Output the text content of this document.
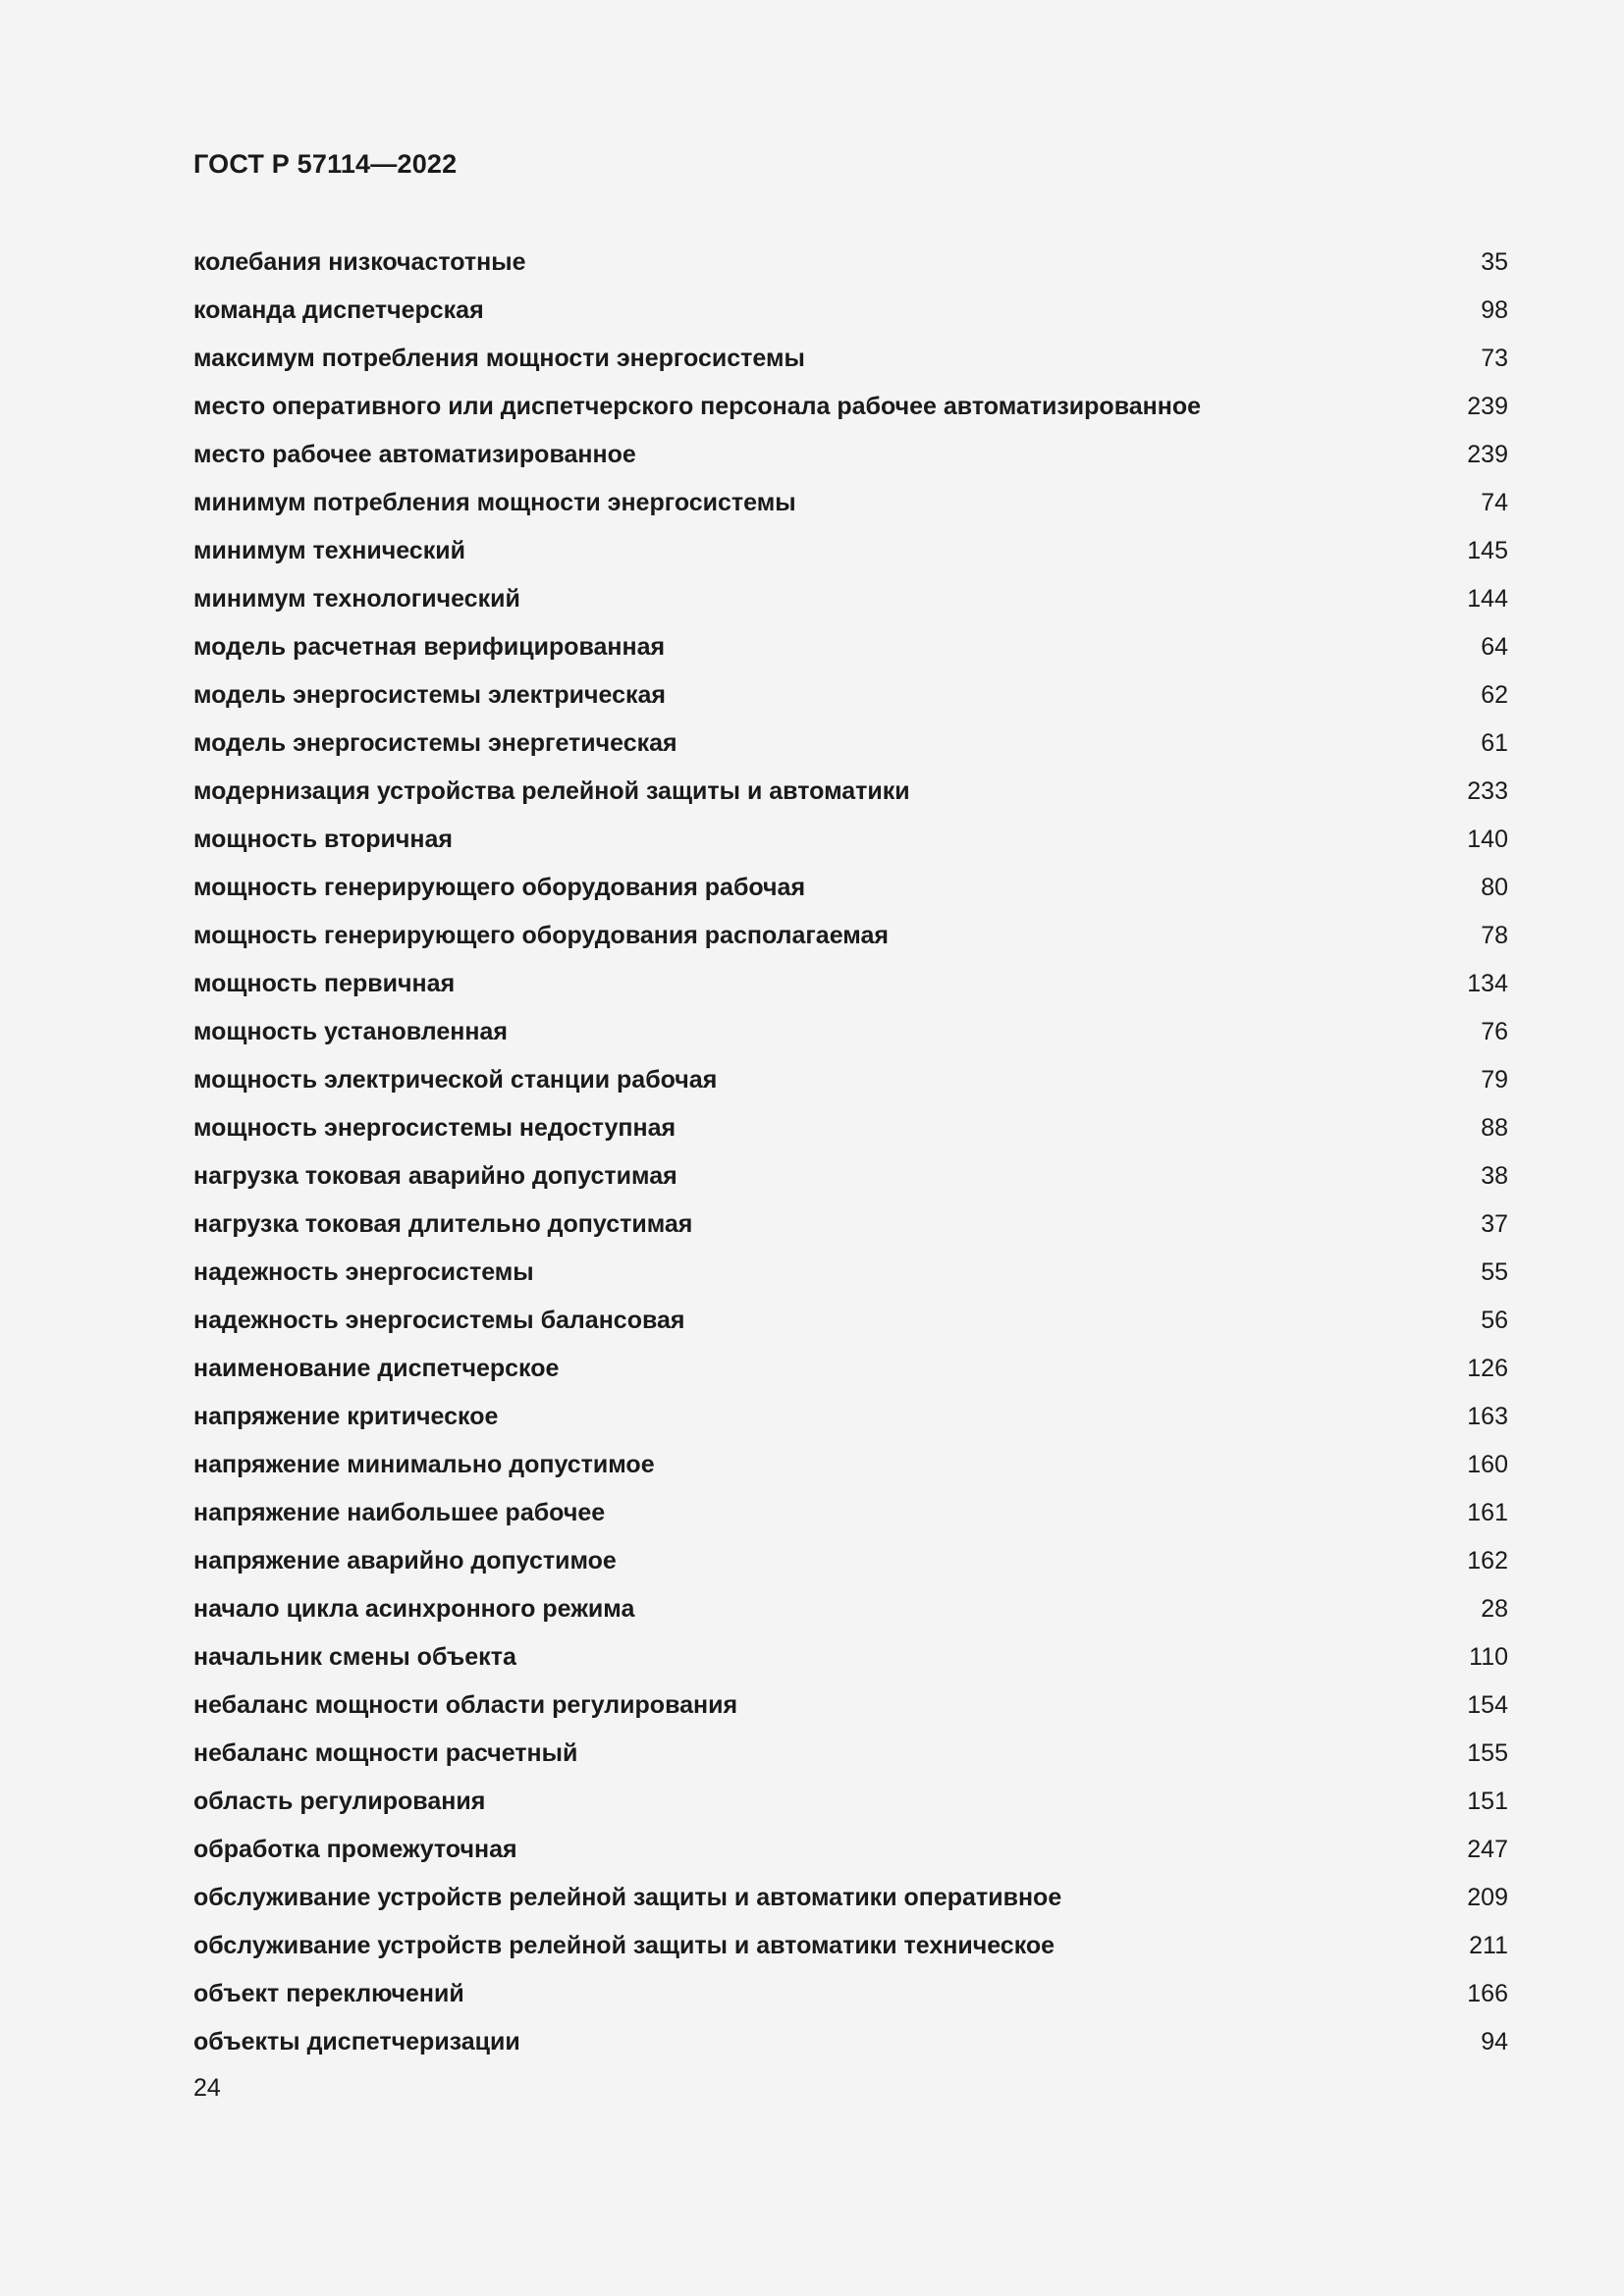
ГОСТ Р 57114—2022
колебания низкочастотные	35
команда диспетчерская	98
максимум потребления мощности энергосистемы	73
место оперативного или диспетчерского персонала рабочее автоматизированное	239
место рабочее автоматизированное	239
минимум потребления мощности энергосистемы	74
минимум технический	145
минимум технологический	144
модель расчетная верифицированная	64
модель энергосистемы электрическая	62
модель энергосистемы энергетическая	61
модернизация устройства релейной защиты и автоматики	233
мощность вторичная	140
мощность генерирующего оборудования рабочая	80
мощность генерирующего оборудования располагаемая	78
мощность первичная	134
мощность установленная	76
мощность электрической станции рабочая	79
мощность энергосистемы недоступная	88
нагрузка токовая аварийно допустимая	38
нагрузка токовая длительно допустимая	37
надежность энергосистемы	55
надежность энергосистемы балансовая	56
наименование диспетчерское	126
напряжение критическое	163
напряжение минимально допустимое	160
напряжение наибольшее рабочее	161
напряжение аварийно допустимое	162
начало цикла асинхронного режима	28
начальник смены объекта	110
небаланс мощности области регулирования	154
небаланс мощности расчетный	155
область регулирования	151
обработка промежуточная	247
обслуживание устройств релейной защиты и автоматики оперативное	209
обслуживание устройств релейной защиты и автоматики техническое	211
объект переключений	166
объекты диспетчеризации	94
24
